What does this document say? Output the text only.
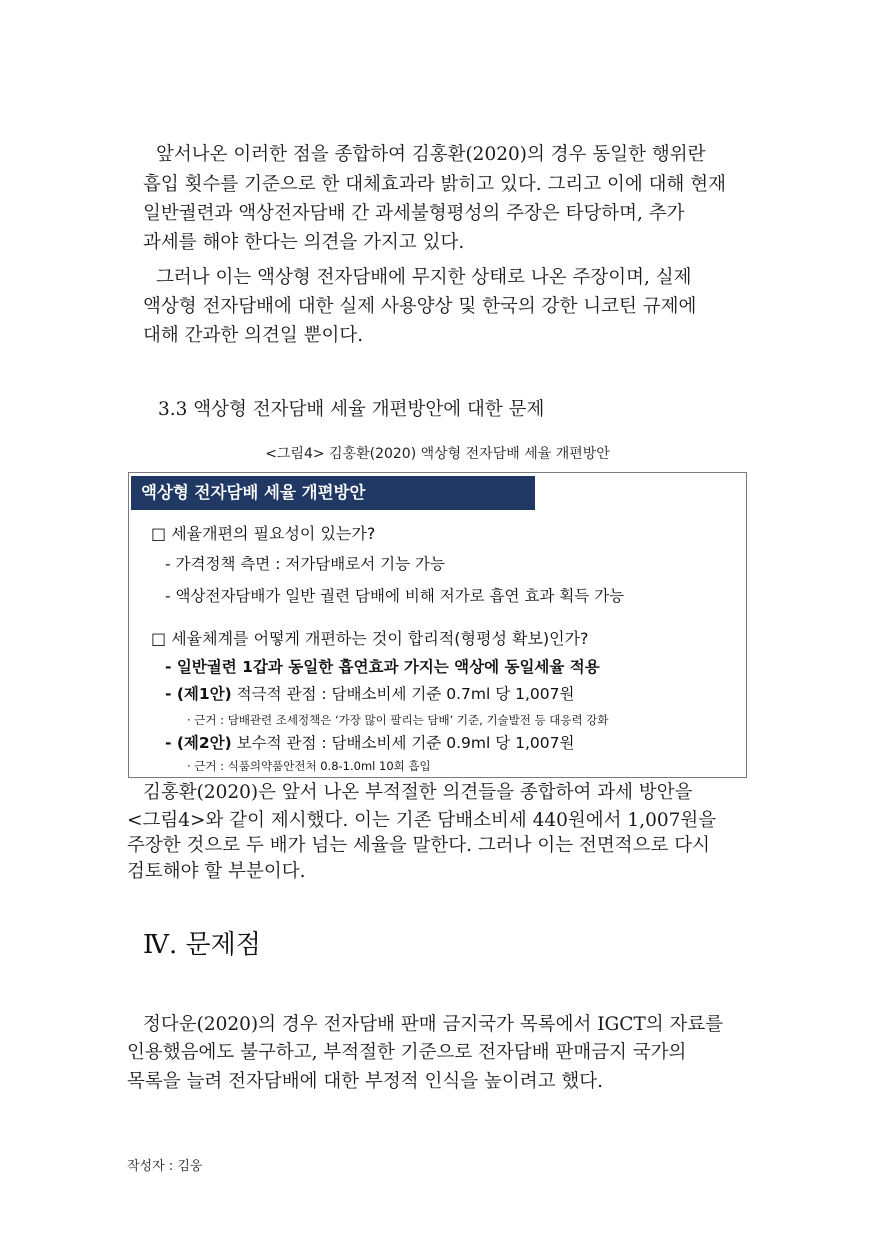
앞서나온 이러한 점을 종합하여 김홍환(2020)의 경우 동일한 행위란
흡입 횟수를 기준으로 한 대체효과라 밝히고 있다. 그리고 이에 대해 현재
일반궐련과 액상전자담배 간 과세불형평성의 주장은 타당하며, 추가
과세를 해야 한다는 의견을 가지고 있다.
그러나 이는 액상형 전자담배에 무지한 상태로 나온 주장이며, 실제
액상형 전자담배에 대한 실제 사용양상 및 한국의 강한 니코틴 규제에
대해 간과한 의견일 뿐이다.
3.3 액상형 전자담배 세율 개편방안에 대한 문제
<그림4> 김홍환(2020) 액상형 전자담배 세율 개편방안
액상형 전자담배 세율 개편방안
□ 세율개편의 필요성이 있는가?
- 가격정책 측면 : 저가담배로서 기능 가능
- 액상전자담배가 일반 궐련 담배에 비해 저가로 흡연 효과 획득 가능
□ 세율체계를 어떻게 개편하는 것이 합리적(형평성 확보)인가?
- 일반궐련 1갑과 동일한 흡연효과 가지는 액상에 동일세율 적용
- (제1안) 적극적 관점 : 담배소비세 기준 0.7ml 당 1,007원
· 근거 : 담배관련 조세정책은 ‘가장 많이 팔리는 담배’ 기준, 기술발전 등 대응력 강화
- (제2안) 보수적 관점 : 담배소비세 기준 0.9ml 당 1,007원
· 근거 : 식품의약품안전처 0.8-1.0ml 10회 흡입
김홍환(2020)은 앞서 나온 부적절한 의견들을 종합하여 과세 방안을
<그림4>와 같이 제시했다. 이는 기존 담배소비세 440원에서 1,007원을
주장한 것으로 두 배가 넘는 세율을 말한다. 그러나 이는 전면적으로 다시
검토해야 할 부분이다.
Ⅳ. 문제점
정다운(2020)의 경우 전자담배 판매 금지국가 목록에서 IGCT의 자료를
인용했음에도 불구하고, 부적절한 기준으로 전자담배 판매금지 국가의
목록을 늘려 전자담배에 대한 부정적 인식을 높이려고 했다.
작성자 : 김웅
